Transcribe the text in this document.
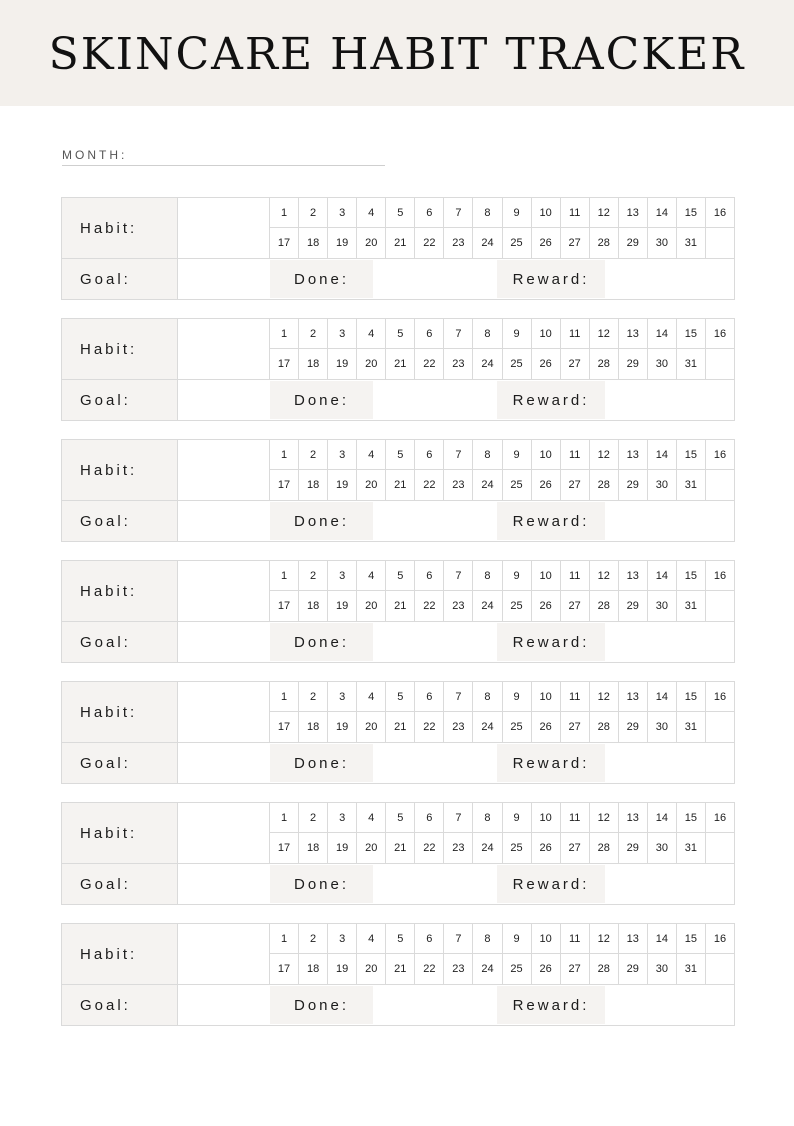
SKINCARE HABIT TRACKER
MONTH:
Habit:
Goal:
1	2	3	4	5	6	7	8	9	10	11	12	13	14	15	16
17	18	19	20	21	22	23	24	25	26	27	28	29	30	31
Done:	Reward:
Habit:
Goal:
1	2	3	4	5	6	7	8	9	10	11	12	13	14	15	16
17	18	19	20	21	22	23	24	25	26	27	28	29	30	31
Done:	Reward:
Habit:
Goal:
1	2	3	4	5	6	7	8	9	10	11	12	13	14	15	16
17	18	19	20	21	22	23	24	25	26	27	28	29	30	31
Done:	Reward:
Habit:
Goal:
1	2	3	4	5	6	7	8	9	10	11	12	13	14	15	16
17	18	19	20	21	22	23	24	25	26	27	28	29	30	31
Done:	Reward:
Habit:
Goal:
1	2	3	4	5	6	7	8	9	10	11	12	13	14	15	16
17	18	19	20	21	22	23	24	25	26	27	28	29	30	31
Done:	Reward:
Habit:
Goal:
1	2	3	4	5	6	7	8	9	10	11	12	13	14	15	16
17	18	19	20	21	22	23	24	25	26	27	28	29	30	31
Done:	Reward:
Habit:
Goal:
1	2	3	4	5	6	7	8	9	10	11	12	13	14	15	16
17	18	19	20	21	22	23	24	25	26	27	28	29	30	31
Done:	Reward:
